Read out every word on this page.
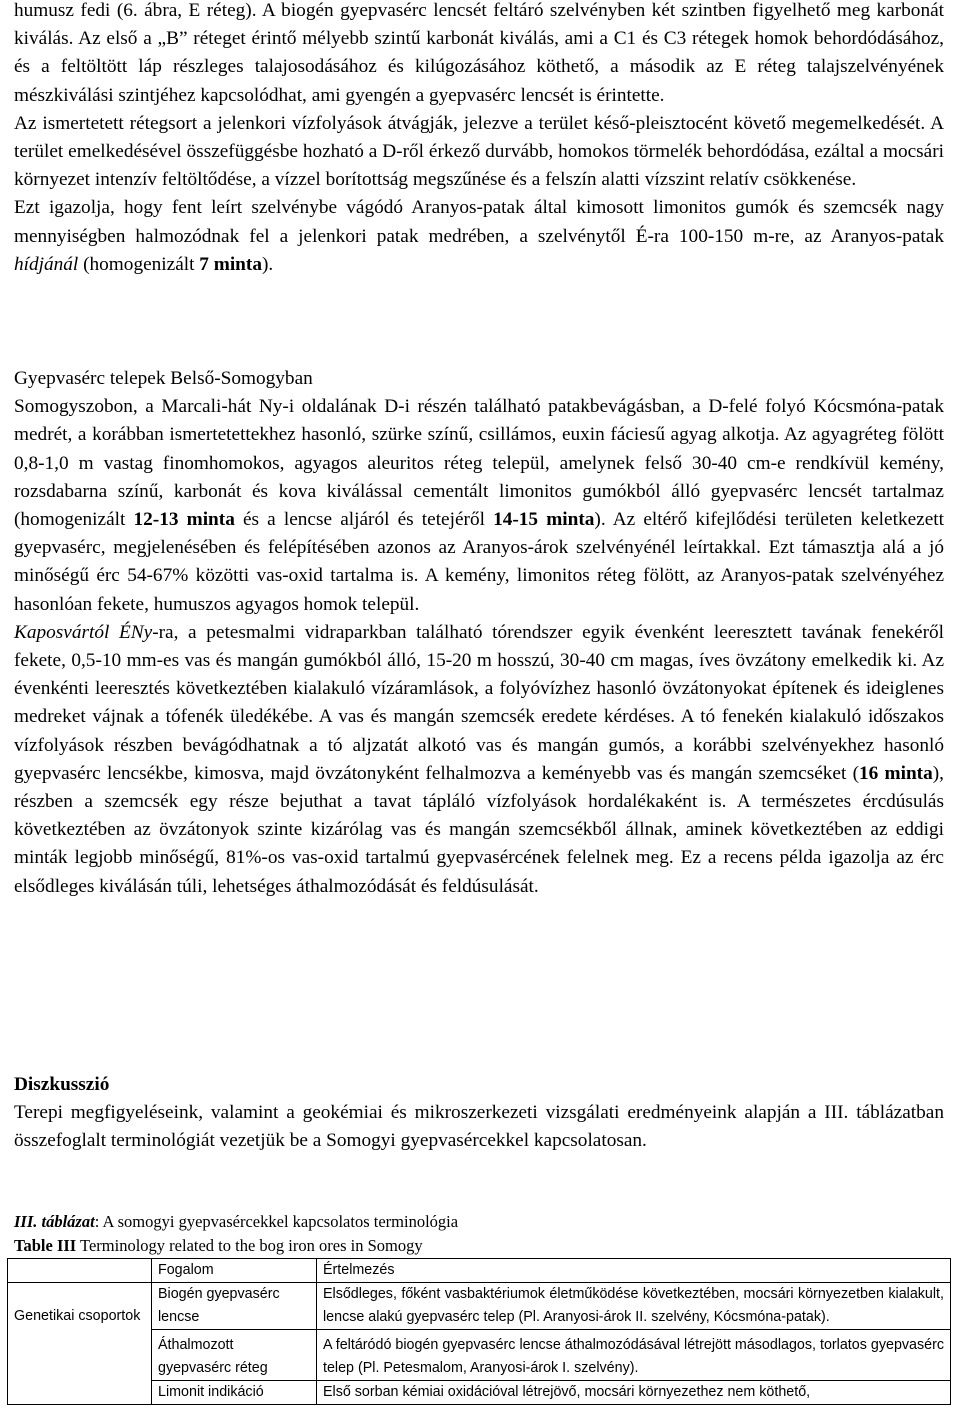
humusz fedi (6. ábra, E réteg). A biogén gyepvasérc lencsét feltáró szelvényben két szintben figyelhető meg karbonát kiválás. Az első a „B” réteget érintő mélyebb szintű karbonát kiválás, ami a C1 és C3 rétegek homok behordódásához, és a feltöltött láp részleges talajosodásához és kilúgozásához köthető, a második az E réteg talajszelvényének mészkiválási szintjéhez kapcsolódhat, ami gyengén a gyepvasérc lencsét is érintette.

Az ismertetett rétegsort a jelenkori vízfolyások átvágják, jelezve a terület késő-pleisztocént követő megemelkedését. A terület emelkedésével összefüggésbe hozható a D-ről érkező durvább, homokos törmelék behordódása, ezáltal a mocsári környezet intenzív feltöltődése, a vízzel borítottság megszűnése és a felszín alatti vízszint relatív csökkenése.

Ezt igazolja, hogy fent leírt szelvénybe vágódó Aranyos-patak által kimosott limonitos gumók és szemcsék nagy mennyiségben halmozódnak fel a jelenkori patak medrében, a szelvénytől É-ra 100-150 m-re, az Aranyos-patak hídjánál (homogenizált 7 minta).

Gyepvasérc telepek Belső-Somogyban

Somogyszobon, a Marcali-hát Ny-i oldalának D-i részén található patakbevágásban, a D-felé folyó Kócsmóna-patak medrét, a korábban ismertetettekhez hasonló, szürke színű, csillámos, euxin fáciesű agyag alkotja. Az agyagréteg fölött 0,8-1,0 m vastag finomhomokos, agyagos aleuritos réteg települ, amelynek felső 30-40 cm-e rendkívül kemény, rozsdabarna színű, karbonát és kova kiválással cementált limonitos gumókból álló gyepvasérc lencsét tartalmaz (homogenizált 12-13 minta és a lencse aljáról és tetejéről 14-15 minta). Az eltérő kifejlődési területen keletkezett gyepvasérc, megjelenésében és felépítésében azonos az Aranyos-árok szelvényénél leírtakkal. Ezt támasztja alá a jó minőségű érc 54-67% közötti vas-oxid tartalma is. A kemény, limonitos réteg fölött, az Aranyos-patak szelvényéhez hasonlóan fekete, humuszos agyagos homok települ.

Kaposvártól ÉNy-ra, a petesmalmi vidraparkban található tórendszer egyik évenként leeresztett tavának fenekéről fekete, 0,5-10 mm-es vas és mangán gumókból álló, 15-20 m hosszú, 30-40 cm magas, íves övzátony emelkedik ki. Az évenkénti leeresztés következtében kialakuló vízáramlások, a folyóvízhez hasonló övzátonyokat építenek és ideiglenes medreket vájnak a tófenék üledékébe. A vas és mangán szemcsék eredete kérdéses. A tó fenekén kialakuló időszakos vízfolyások részben bevágódhatnak a tó aljzatát alkotó vas és mangán gumós, a korábbi szelvényekhez hasonló gyepvasérc lencsékbe, kimosva, majd övzátonyként felhalmozva a keményebb vas és mangán szemcséket (16 minta), részben a szemcsék egy része bejuthat a tavat tápláló vízfolyások hordalékaként is. A természetes ércdúsulás következtében az övzátonyok szinte kizárólag vas és mangán szemcsékből állnak, aminek következtében az eddigi minták legjobb minőségű, 81%-os vas-oxid tartalmú gyepvasércének felelnek meg. Ez a recens példa igazolja az érc elsődleges kiválásán túli, lehetséges áthalmozódását és feldúsulását.

Diszkusszió

Terepi megfigyeléseink, valamint a geokémiai és mikroszerkezeti vizsgálati eredményeink alapján a III. táblázatban összefoglalt terminológiát vezetjük be a Somogyi gyepvasércekkel kapcsolatosan.

III. táblázat: A somogyi gyepvasércekkel kapcsolatos terminológia
Table III Terminology related to the bog iron ores in Somogy
	Fogalom	Értelmezés
Genetikai csoportok	Biogén gyepvasérc lencse	Elsődleges, főként vasbaktériumok életműködése következtében, mocsári környezetben kialakult, lencse alakú gyepvasérc telep (Pl. Aranyosi-árok II. szelvény, Kócsmóna-patak).
	Áthalmozott gyepvasérc réteg	A feltáródó biogén gyepvasérc lencse áthalmozódásával létrejött másodlagos, torlatos gyepvasérc telep (Pl. Petesmalom, Aranyosi-árok I. szelvény).
	Limonit indikáció	Első sorban kémiai oxidációval létrejövő, mocsári környezethez nem köthető,
